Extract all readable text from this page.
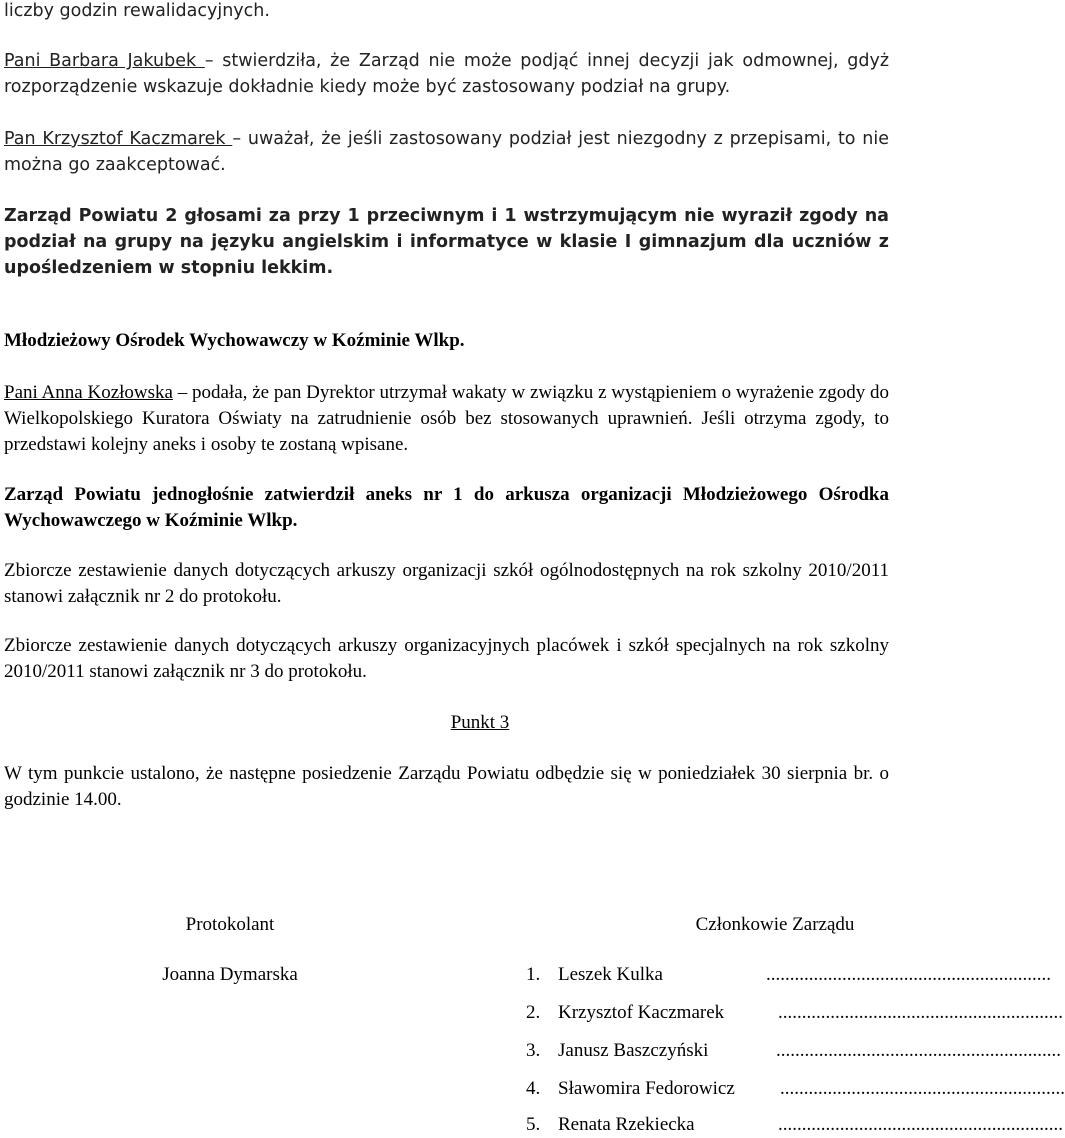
liczby godzin rewalidacyjnych.

Pani Barbara Jakubek – stwierdziła, że Zarząd nie może podjąć innej decyzji jak odmownej, gdyż rozporządzenie wskazuje dokładnie kiedy może być zastosowany podział na grupy.

Pan Krzysztof Kaczmarek – uważał, że jeśli zastosowany podział jest niezgodny z przepisami, to nie można go zaakceptować.

Zarząd Powiatu 2 głosami za przy 1 przeciwnym i 1 wstrzymującym nie wyraził zgody na podział na grupy na języku angielskim i informatyce w klasie I gimnazjum dla uczniów z upośledzeniem w stopniu lekkim.

Młodzieżowy Ośrodek Wychowawczy w Koźminie Wlkp.

Pani Anna Kozłowska – podała, że pan Dyrektor utrzymał wakaty w związku z wystąpieniem o wyrażenie zgody do Wielkopolskiego Kuratora Oświaty na zatrudnienie osób bez stosowanych uprawnień. Jeśli otrzyma zgody, to przedstawi kolejny aneks i osoby te zostaną wpisane.

Zarząd Powiatu jednogłośnie zatwierdził aneks nr 1 do arkusza organizacji Młodzieżowego Ośrodka Wychowawczego w Koźminie Wlkp.

Zbiorcze zestawienie danych dotyczących arkuszy organizacji szkół ogólnodostępnych na rok szkolny 2010/2011 stanowi załącznik nr 2 do protokołu.

Zbiorcze zestawienie danych dotyczących arkuszy organizacyjnych placówek i szkół specjalnych na rok szkolny 2010/2011 stanowi załącznik nr 3 do protokołu.

Punkt 3

W tym punkcie ustalono, że następne posiedzenie Zarządu Powiatu odbędzie się w poniedziałek 30 sierpnia br. o godzinie 14.00.

Protokolant	Członkowie Zarządu
Joanna Dymarska	1. Leszek Kulka	............................................................
2. Krzysztof Kaczmarek	............................................................
3. Janusz Baszczyński	............................................................
4. Sławomira Fedorowicz ............................................................
5. Renata Rzekiecka	............................................................
